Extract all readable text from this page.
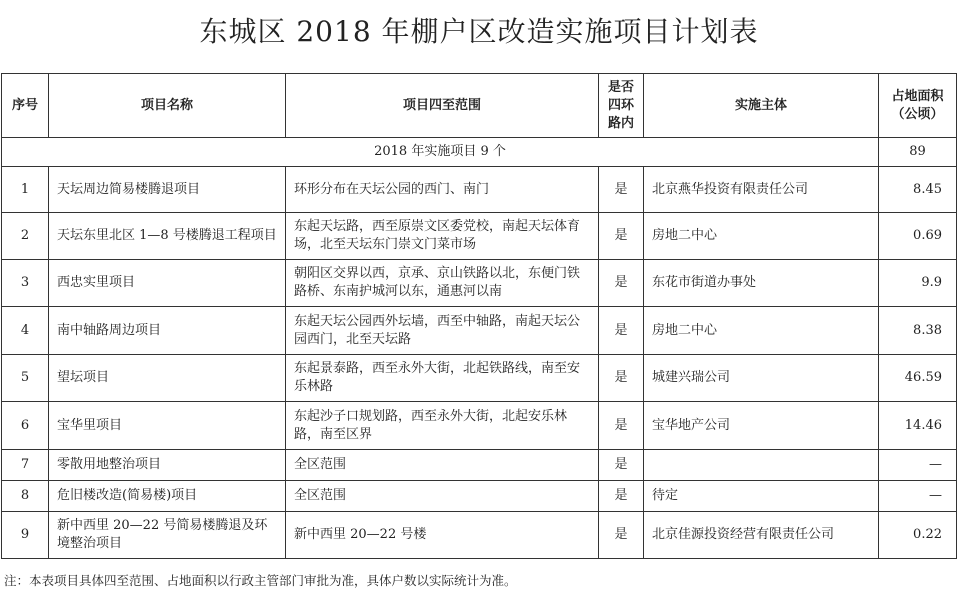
东城区 2018 年棚户区改造实施项目计划表
序号	项目名称	项目四至范围	是否四环路内	实施主体	占地面积（公顷）
2018 年实施项目 9 个					89
1	天坛周边简易楼腾退项目	环形分布在天坛公园的西门、南门	是	北京燕华投资有限责任公司	8.45
2	天坛东里北区 1—8 号楼腾退工程项目	东起天坛路，西至原崇文区委党校，南起天坛体育场，北至天坛东门崇文门菜市场	是	房地二中心	0.69
3	西忠实里项目	朝阳区交界以西，京承、京山铁路以北，东便门铁路桥、东南护城河以东，通惠河以南	是	东花市街道办事处	9.9
4	南中轴路周边项目	东起天坛公园西外坛墙，西至中轴路，南起天坛公园西门，北至天坛路	是	房地二中心	8.38
5	望坛项目	东起景泰路，西至永外大街，北起铁路线，南至安乐林路	是	城建兴瑞公司	46.59
6	宝华里项目	东起沙子口规划路，西至永外大街，北起安乐林路，南至区界	是	宝华地产公司	14.46
7	零散用地整治项目	全区范围	是		—
8	危旧楼改造(简易楼)项目	全区范围	是	待定	—
9	新中西里 20—22 号简易楼腾退及环境整治项目	新中西里 20—22 号楼	是	北京佳源投资经营有限责任公司	0.22
注：本表项目具体四至范围、占地面积以行政主管部门审批为准，具体户数以实际统计为准。
